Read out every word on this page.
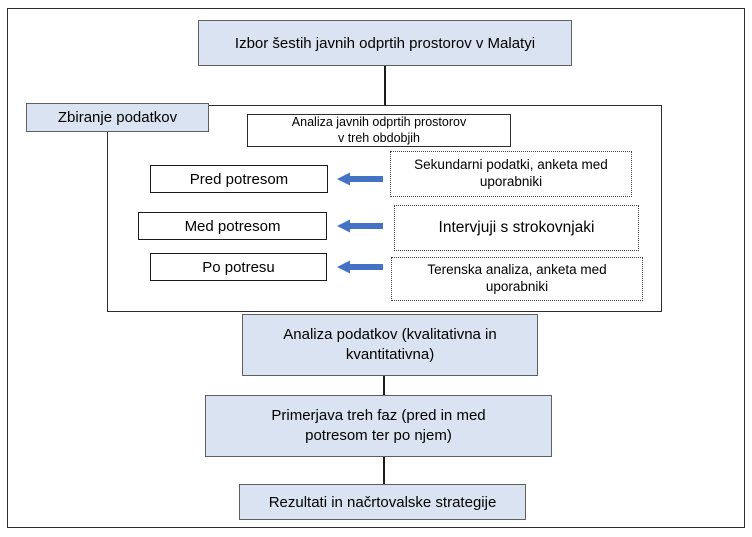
Izbor šestih javnih odprtih prostorov v Malatyi
Zbiranje podatkov	Analiza javnih odprtih prostorov
v treh obdobjih
Pred potresom
Sekundarni podatki, anketa med uporabniki
Med potresom	Intervjuji s strokovnjaki
Po potresu	Terenska analiza, anketa med uporabniki
Analiza podatkov (kvalitativna in kvantitativna)
Primerjava treh faz (pred in med potresom ter po njem)
Rezultati in načrtovalske strategije
